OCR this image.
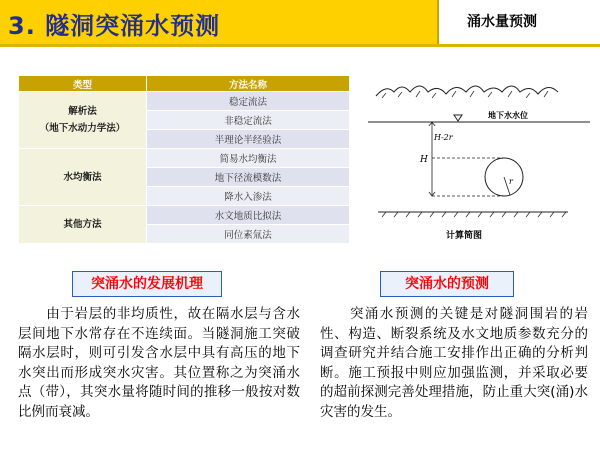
3. 隧洞突涌水预测	涌水量预测
类型	方法名称

解析法
（地下水动力学法）	稳定流法
	非稳定流法
	半理论半经验法
水均衡法	简易水均衡法
	地下径流模数法
	降水入渗法
其他方法	水文地质比拟法
	同位素氚法
地下水水位
H-2r
H
r
计算简图
突涌水的发展机理	突涌水的预测
　　由于岩层的非均质性，故在隔水层与含水层间地下水常存在不连续面。当隧洞施工突破隔水层时，则可引发含水层中具有高压的地下水突出而形成突水灾害。其位置称之为突涌水点（带），其突水量将随时间的推移一般按对数比例而衰减。
　　突涌水预测的关键是对隧洞围岩的岩性、构造、断裂系统及水文地质参数充分的调查研究并结合施工安排作出正确的分析判断。施工预报中则应加强监测，并采取必要的超前探测完善处理措施，防止重大突(涌)水灾害的发生。
